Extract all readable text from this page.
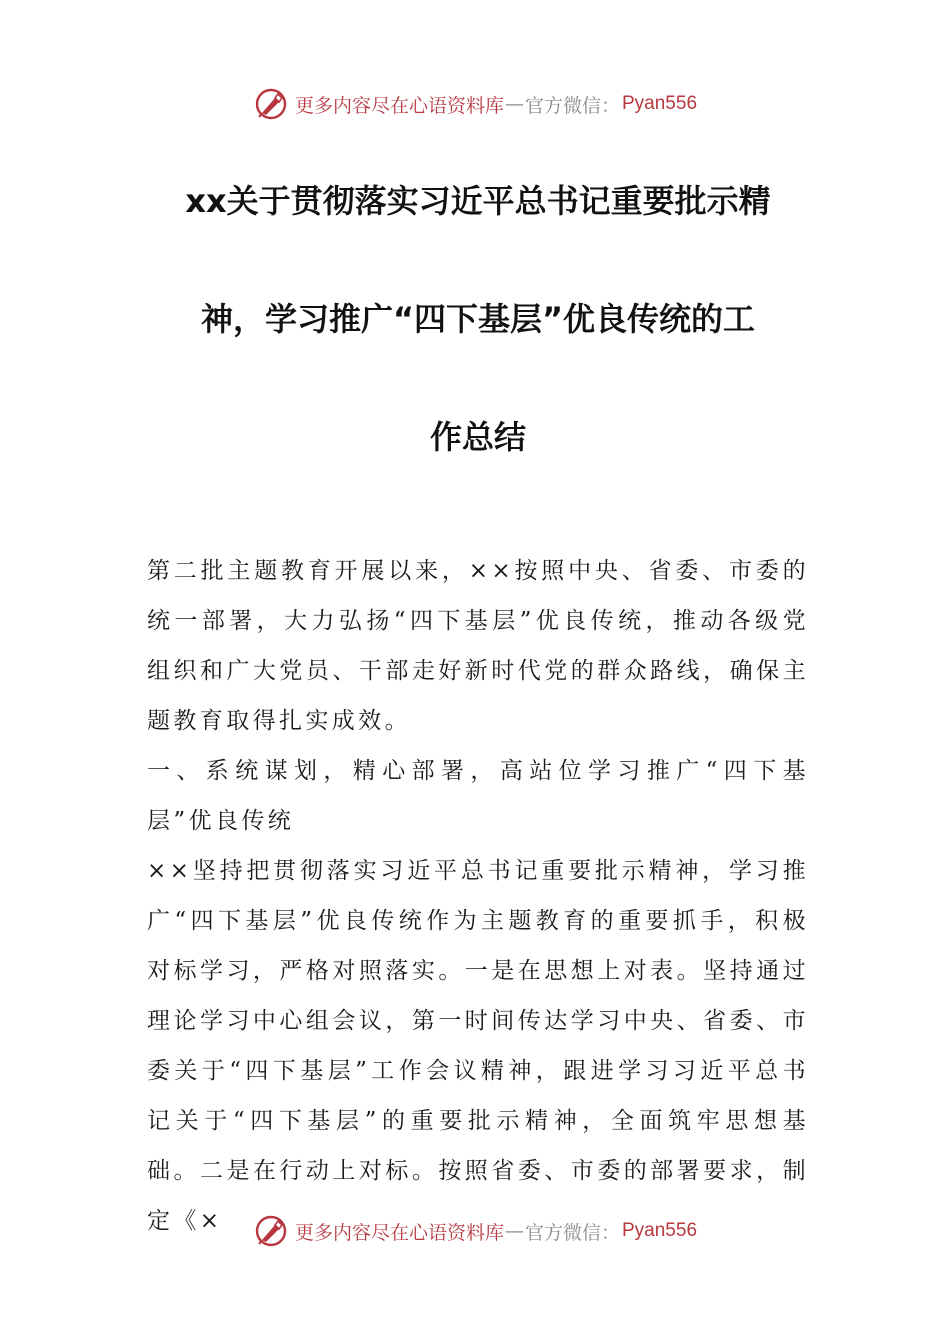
更多内容尽在心语资料库 — 官方微信： Pyan556
xx关于贯彻落实习近平总书记重要批示精
神，学习推广“四下基层”优良传统的工
作总结

第二批主题教育开展以来，××按照中央、省委、市委的统一部署，大力弘扬“四下基层”优良传统，推动各级党组织和广大党员、干部走好新时代党的群众路线，确保主题教育取得扎实成效。

一、系统谋划，精心部署，高站位学习推广“四下基层”优良传统

××坚持把贯彻落实习近平总书记重要批示精神，学习推广“四下基层”优良传统作为主题教育的重要抓手，积极对标学习，严格对照落实。一是在思想上对表。坚持通过理论学习中心组会议，第一时间传达学习中央、省委、市委关于“四下基层”工作会议精神，跟进学习习近平总书记关于“四下基层”的重要批示精神，全面筑牢思想基础。二是在行动上对标。按照省委、市委的部署要求，制定《×	更多内容尽在心语资料库 — 官方微信： Pyan556
